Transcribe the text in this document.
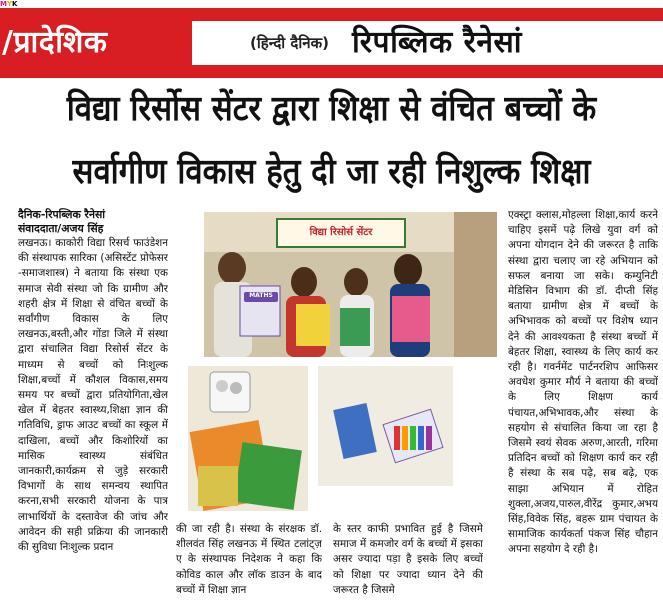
MYK
/प्रादेशिक	(हिन्दी दैनिक) रिपब्लिक रैनेसां
विद्या रिर्सोस सेंटर द्वारा शिक्षा से वंचित बच्चों के
सर्वागीण विकास हेतु दी जा रही निशुल्क शिक्षा

दैनिक-रिपब्लिक रैनेसां

संवाददाता/अजय सिंह

लखनऊ। काकोरी विद्या रिसर्च फाउंडेशन की संस्थापक सारिका (असिस्टेंट प्रोफेसर -समाजशास्त्र) ने बताया कि संस्था एक समाज सेवी संस्था जो कि ग्रामीण और शहरी क्षेत्र में शिक्षा से वंचित बच्चों के सर्वांगीण विकास के लिए लखनऊ,बस्ती,और गोंडा जिले में संस्था द्वारा संचालित विद्या रिसोर्स सेंटर के माध्यम से बच्चों को निःशुल्क शिक्षा,बच्चों में कौशल विकास,समय समय पर बच्चों द्वारा प्रतियोगिता,खेल खेल में बेहतर स्वास्थ्य,शिक्षा ज्ञान की गतिविधि, ड्राफ आउट बच्चों का स्कूल में दाखिला, बच्चों और किशोरियों का मासिक स्वास्थ्य संबंधित जानकारी,कार्यक्रम से जुड़े सरकारी विभागों के साथ समन्वय स्थापित करना,सभी सरकारी योजना के पात्र लाभार्थियों के दस्तावेज की जांच और आवेदन की सही प्रक्रिया की जानकारी की सुविधा निःशुल्क प्रदान

विद्या रिसोर्स सेंटर
MATHS

की जा रही है। संस्था के संरक्षक डॉ. शीलवंत सिंह लखनऊ में स्थित टलांट्ज़ ए के संस्थापक निदेशक ने कहा कि कोविड काल और लॉक डाउन के बाद बच्चों में शिक्षा ज्ञान

के स्तर काफी प्रभावित हुई है जिसमे समाज में कमजोर वर्ग के बच्चों में इसका असर ज्यादा पड़ा है इसके लिए बच्चों को शिक्षा पर ज्यादा ध्यान देने की जरूरत है जिसमे

एक्स्ट्रा क्लास,मोहल्ला शिक्षा,कार्य करने चाहिए इसमें पढ़े लिखे युवा वर्ग को अपना योगदान देने की जरूरत है ताकि संस्था द्वारा चलाए जा रहे अभियान को सफल बनाया जा सके। कम्युनिटी मेडिसिन विभाग की डॉ. दीप्ती सिंह बताया ग्रामीण क्षेत्र में बच्चों के अभिभावक को बच्चों पर विशेष ध्यान देने की आवश्यकता है संस्था बच्चों में बेहतर शिक्षा, स्वास्थ्य के लिए कार्य कर रही है। गवर्नमेंट पार्टनरशिप आफिसर अवधेश कुमार मौर्य ने बताया की बच्चों के लिए शिक्षण कार्य पंचायत,अभिभावक,और संस्था के सहयोग से संचालित किया जा रहा है जिसमे स्वयं सेवक अरुण,आरती, गरिमा प्रतिदिन बच्चों को शिक्षण कार्य कर रही है संस्था के सब पढ़े, सब बढ़े, एक साझा अभियान में रोहित शुक्ला,अजय,पारुल,वीरेंद्र कुमार,अभय सिंह,विवेक सिंह, बहरू ग्राम पंचायत के सामाजिक कार्यकर्ता पंकज सिंह चौहान अपना सहयोग दे रही है।
